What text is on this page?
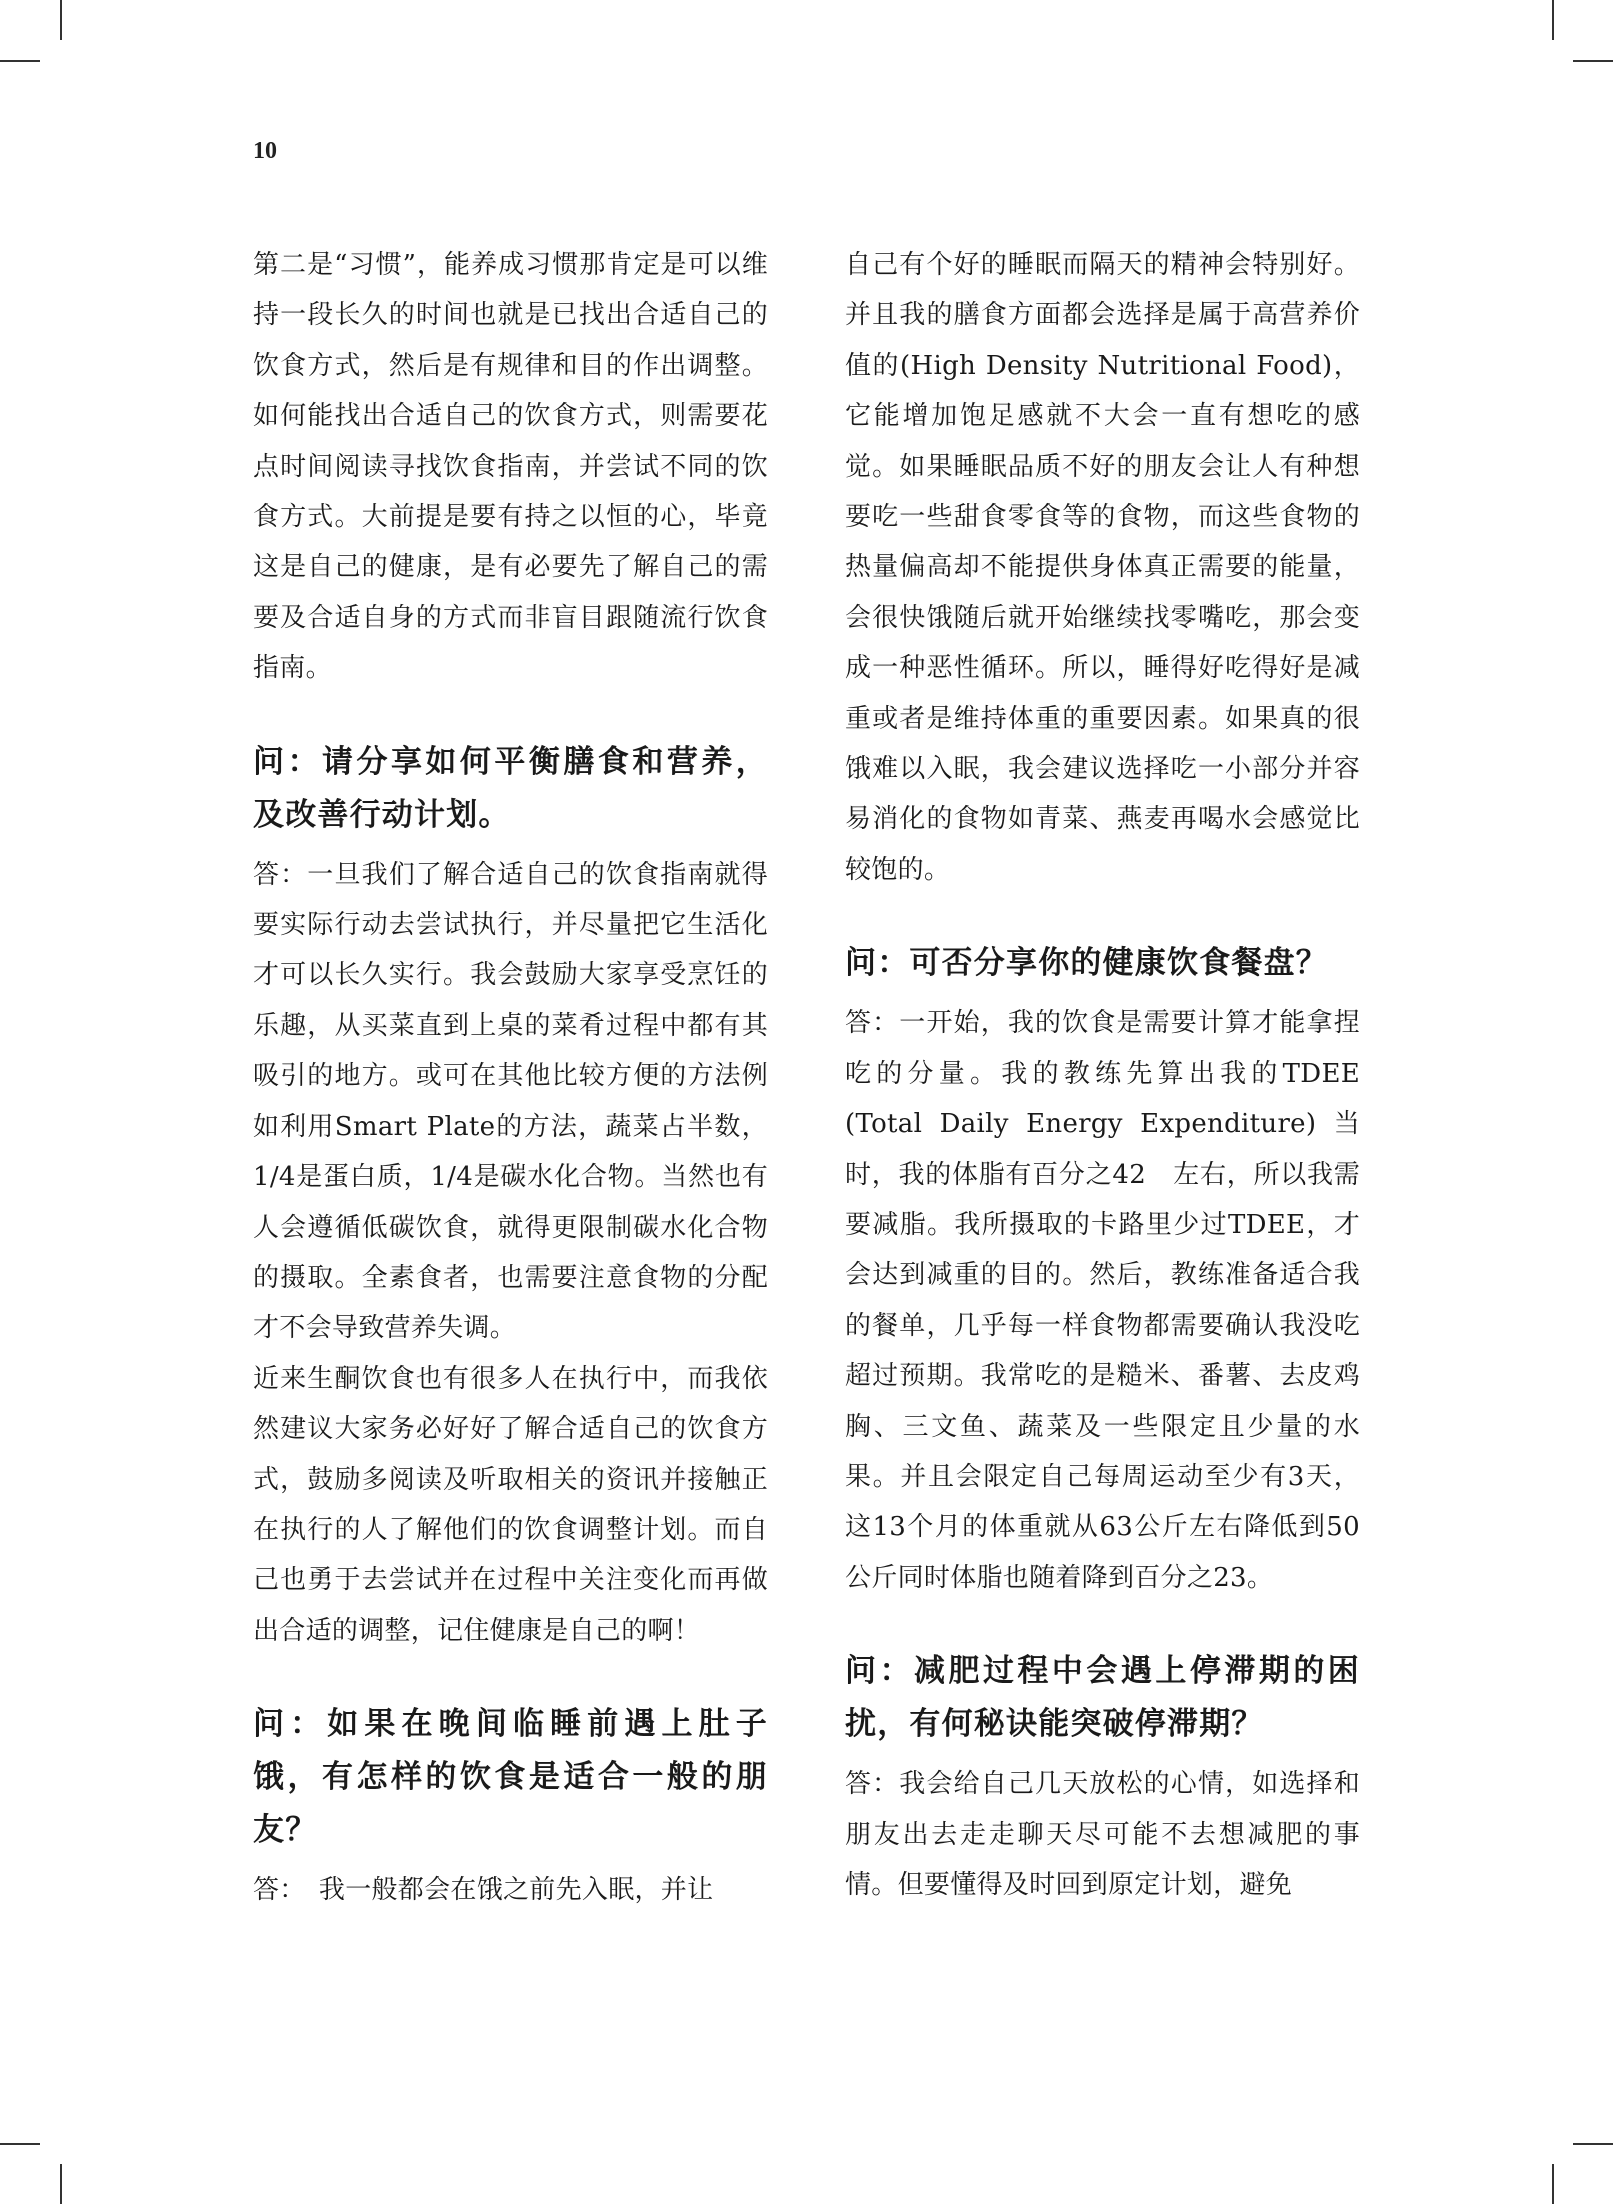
10

第二是“习惯”，能养成习惯那肯定是可以维持一段长久的时间也就是已找出合适自己的饮食方式，然后是有规律和目的作出调整。如何能找出合适自己的饮食方式，则需要花点时间阅读寻找饮食指南，并尝试不同的饮食方式。大前提是要有持之以恒的心，毕竟这是自己的健康，是有必要先了解自己的需要及合适自身的方式而非盲目跟随流行饮食指南。

问：请分享如何平衡膳食和营养，及改善行动计划。

答：一旦我们了解合适自己的饮食指南就得要实际行动去尝试执行，并尽量把它生活化才可以长久实行。我会鼓励大家享受烹饪的乐趣，从买菜直到上桌的菜肴过程中都有其吸引的地方。或可在其他比较方便的方法例如利用Smart Plate的方法，蔬菜占半数，1/4是蛋白质，1/4是碳水化合物。当然也有人会遵循低碳饮食，就得更限制碳水化合物的摄取。全素食者，也需要注意食物的分配才不会导致营养失调。

近来生酮饮食也有很多人在执行中，而我依然建议大家务必好好了解合适自己的饮食方式，鼓励多阅读及听取相关的资讯并接触正在执行的人了解他们的饮食调整计划。而自己也勇于去尝试并在过程中关注变化而再做出合适的调整，记住健康是自己的啊！

问：如果在晚间临睡前遇上肚子饿，有怎样的饮食是适合一般的朋友？

答：　我一般都会在饿之前先入眠，并让

自己有个好的睡眠而隔天的精神会特别好。并且我的膳食方面都会选择是属于高营养价值的(High Density Nutritional Food)，它能增加饱足感就不大会一直有想吃的感觉。如果睡眠品质不好的朋友会让人有种想要吃一些甜食零食等的食物，而这些食物的热量偏高却不能提供身体真正需要的能量，会很快饿随后就开始继续找零嘴吃，那会变成一种恶性循环。所以，睡得好吃得好是减重或者是维持体重的重要因素。如果真的很饿难以入眠，我会建议选择吃一小部分并容易消化的食物如青菜、燕麦再喝水会感觉比较饱的。

问：可否分享你的健康饮食餐盘？

答：一开始，我的饮食是需要计算才能拿捏吃的分量。我的教练先算出我的TDEE (Total Daily Energy Expenditure) 当时，我的体脂有百分之42　左右，所以我需要减脂。我所摄取的卡路里少过TDEE，才会达到减重的目的。然后，教练准备适合我的餐单，几乎每一样食物都需要确认我没吃超过预期。我常吃的是糙米、番薯、去皮鸡胸、三文鱼、蔬菜及一些限定且少量的水果。并且会限定自己每周运动至少有3天，这13个月的体重就从63公斤左右降低到50公斤同时体脂也随着降到百分之23。

问：减肥过程中会遇上停滞期的困扰，有何秘诀能突破停滞期？

答：我会给自己几天放松的心情，如选择和朋友出去走走聊天尽可能不去想减肥的事情。但要懂得及时回到原定计划，避免
